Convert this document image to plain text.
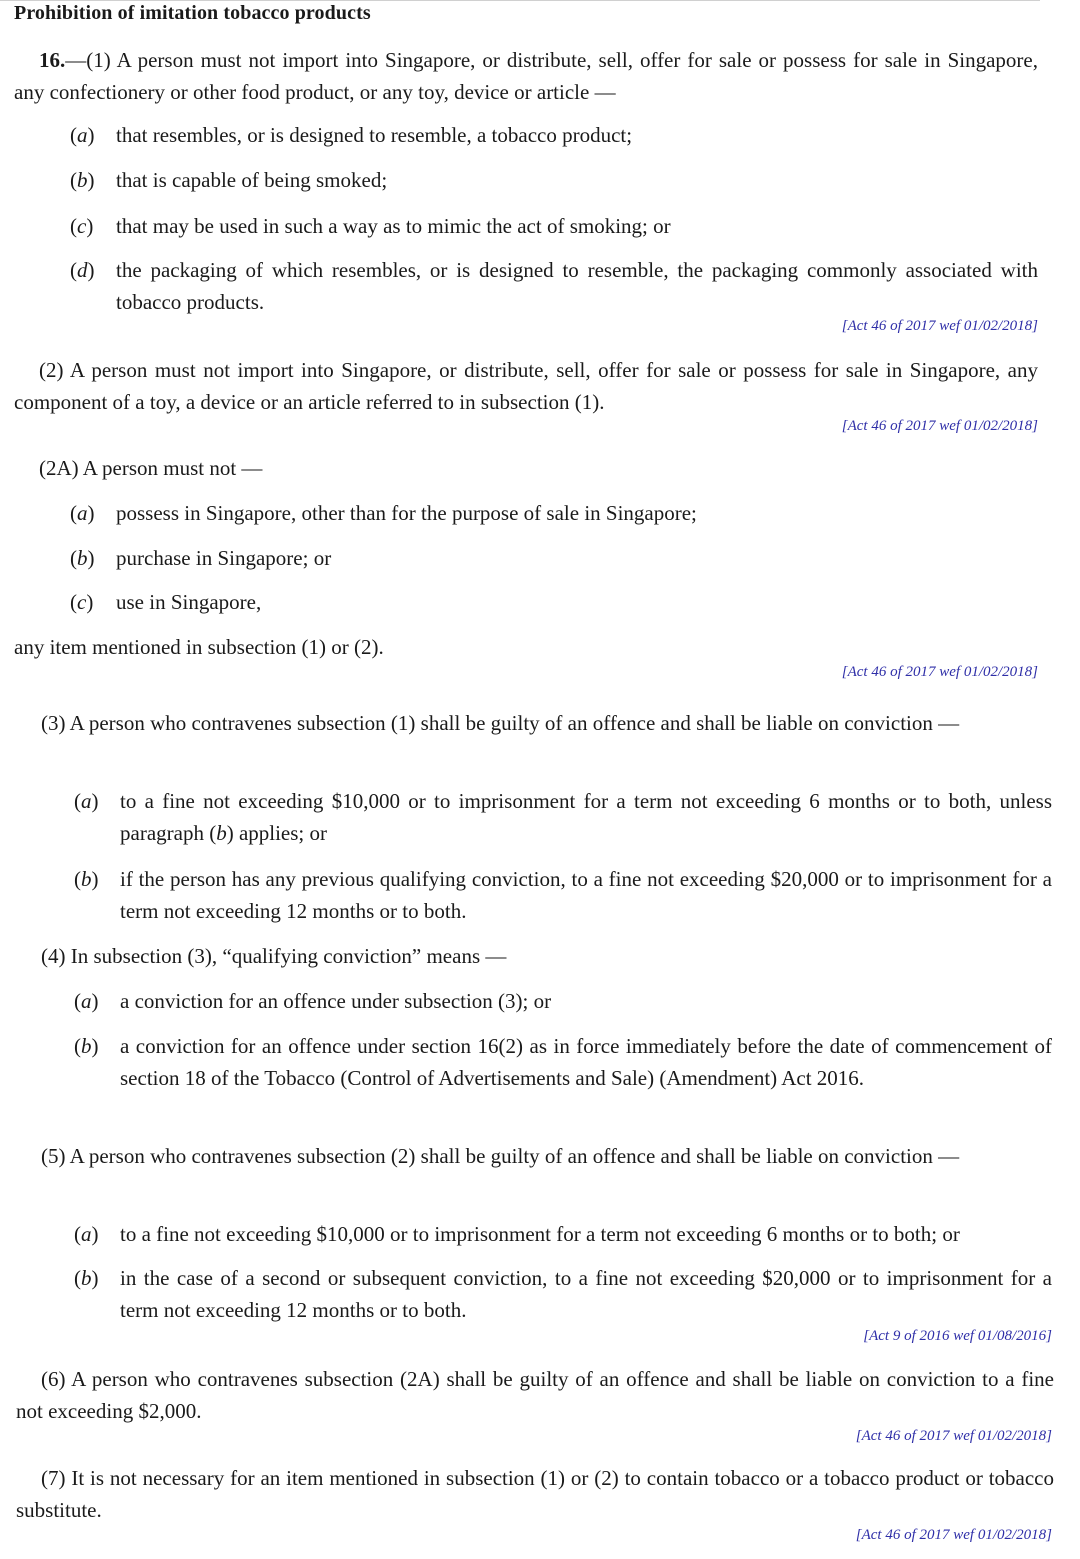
Prohibition of imitation tobacco products
16.—(1) A person must not import into Singapore, or distribute, sell, offer for sale or possess for sale in Singapore, any confectionery or other food product, or any toy, device or article —
(a)	that resembles, or is designed to resemble, a tobacco product;
(b)	that is capable of being smoked;
(c)	that may be used in such a way as to mimic the act of smoking; or
(d)	the packaging of which resembles, or is designed to resemble, the packaging commonly associated with tobacco products.
[Act 46 of 2017 wef 01/02/2018]
(2) A person must not import into Singapore, or distribute, sell, offer for sale or possess for sale in Singapore, any component of a toy, a device or an article referred to in subsection (1).
[Act 46 of 2017 wef 01/02/2018]
(2A) A person must not —
(a)	possess in Singapore, other than for the purpose of sale in Singapore;
(b)	purchase in Singapore; or
(c)	use in Singapore,
any item mentioned in subsection (1) or (2).
[Act 46 of 2017 wef 01/02/2018]
(3) A person who contravenes subsection (1) shall be guilty of an offence and shall be liable on conviction —
(a)	to a fine not exceeding $10,000 or to imprisonment for a term not exceeding 6 months or to both, unless paragraph (b) applies; or
(b)	if the person has any previous qualifying conviction, to a fine not exceeding $20,000 or to imprisonment for a term not exceeding 12 months or to both.
(4) In subsection (3), “qualifying conviction” means —
(a)	a conviction for an offence under subsection (3); or
(b)	a conviction for an offence under section 16(2) as in force immediately before the date of commencement of section 18 of the Tobacco (Control of Advertisements and Sale) (Amendment) Act 2016.
(5) A person who contravenes subsection (2) shall be guilty of an offence and shall be liable on conviction —
(a)	to a fine not exceeding $10,000 or to imprisonment for a term not exceeding 6 months or to both; or
(b)	in the case of a second or subsequent conviction, to a fine not exceeding $20,000 or to imprisonment for a term not exceeding 12 months or to both.
[Act 9 of 2016 wef 01/08/2016]
(6) A person who contravenes subsection (2A) shall be guilty of an offence and shall be liable on conviction to a fine not exceeding $2,000.
[Act 46 of 2017 wef 01/02/2018]
(7) It is not necessary for an item mentioned in subsection (1) or (2) to contain tobacco or a tobacco product or tobacco substitute.
[Act 46 of 2017 wef 01/02/2018]
